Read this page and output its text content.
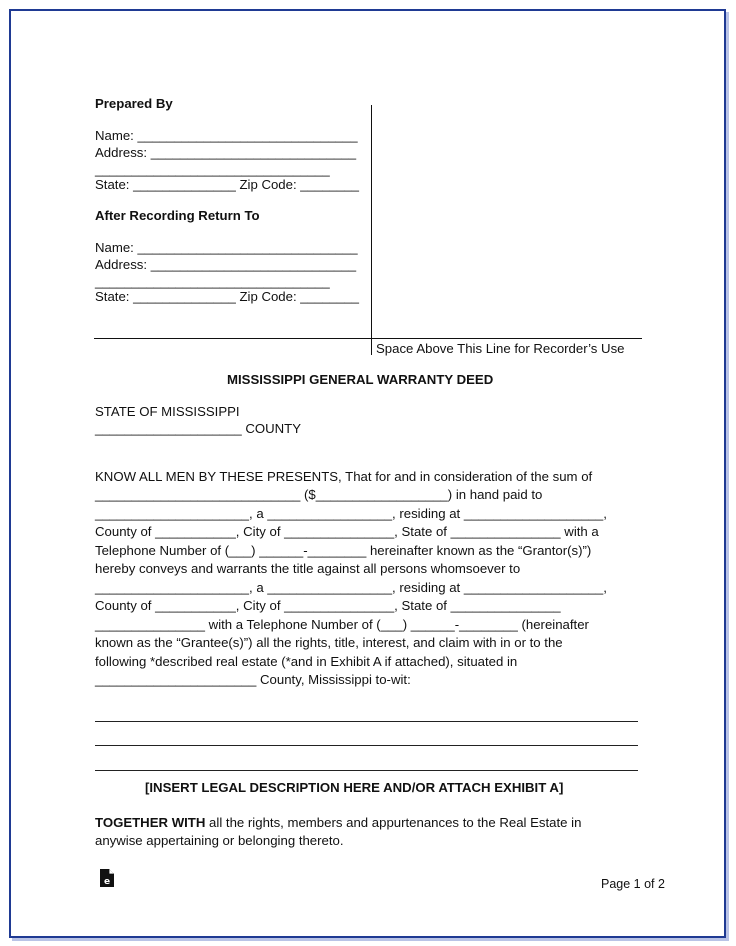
Prepared By
Name: ______________________________
Address: ____________________________
________________________________
State: ______________ Zip Code: ________
After Recording Return To
Name: ______________________________
Address: ____________________________
________________________________
State: ______________ Zip Code: ________
Space Above This Line for Recorder’s Use
MISSISSIPPI GENERAL WARRANTY DEED
STATE OF MISSISSIPPI
____________________ COUNTY
KNOW ALL MEN BY THESE PRESENTS, That for and in consideration of the sum of
____________________________ ($__________________) in hand paid to
_____________________, a _________________, residing at ___________________,
County of ___________, City of _______________, State of _______________ with a
Telephone Number of (___) ______-________ hereinafter known as the “Grantor(s)”)
hereby conveys and warrants the title against all persons whomsoever to
_____________________, a _________________, residing at ___________________,
County of ___________, City of _______________, State of _______________
_______________ with a Telephone Number of (___) ______-________ (hereinafter
known as the “Grantee(s)”) all the rights, title, interest, and claim with in or to the
following *described real estate (*and in Exhibit A if attached), situated in
______________________ County, Mississippi to-wit:
[INSERT LEGAL DESCRIPTION HERE AND/OR ATTACH EXHIBIT A]
TOGETHER WITH all the rights, members and appurtenances to the Real Estate in
anywise appertaining or belonging thereto.
e	Page 1 of 2
